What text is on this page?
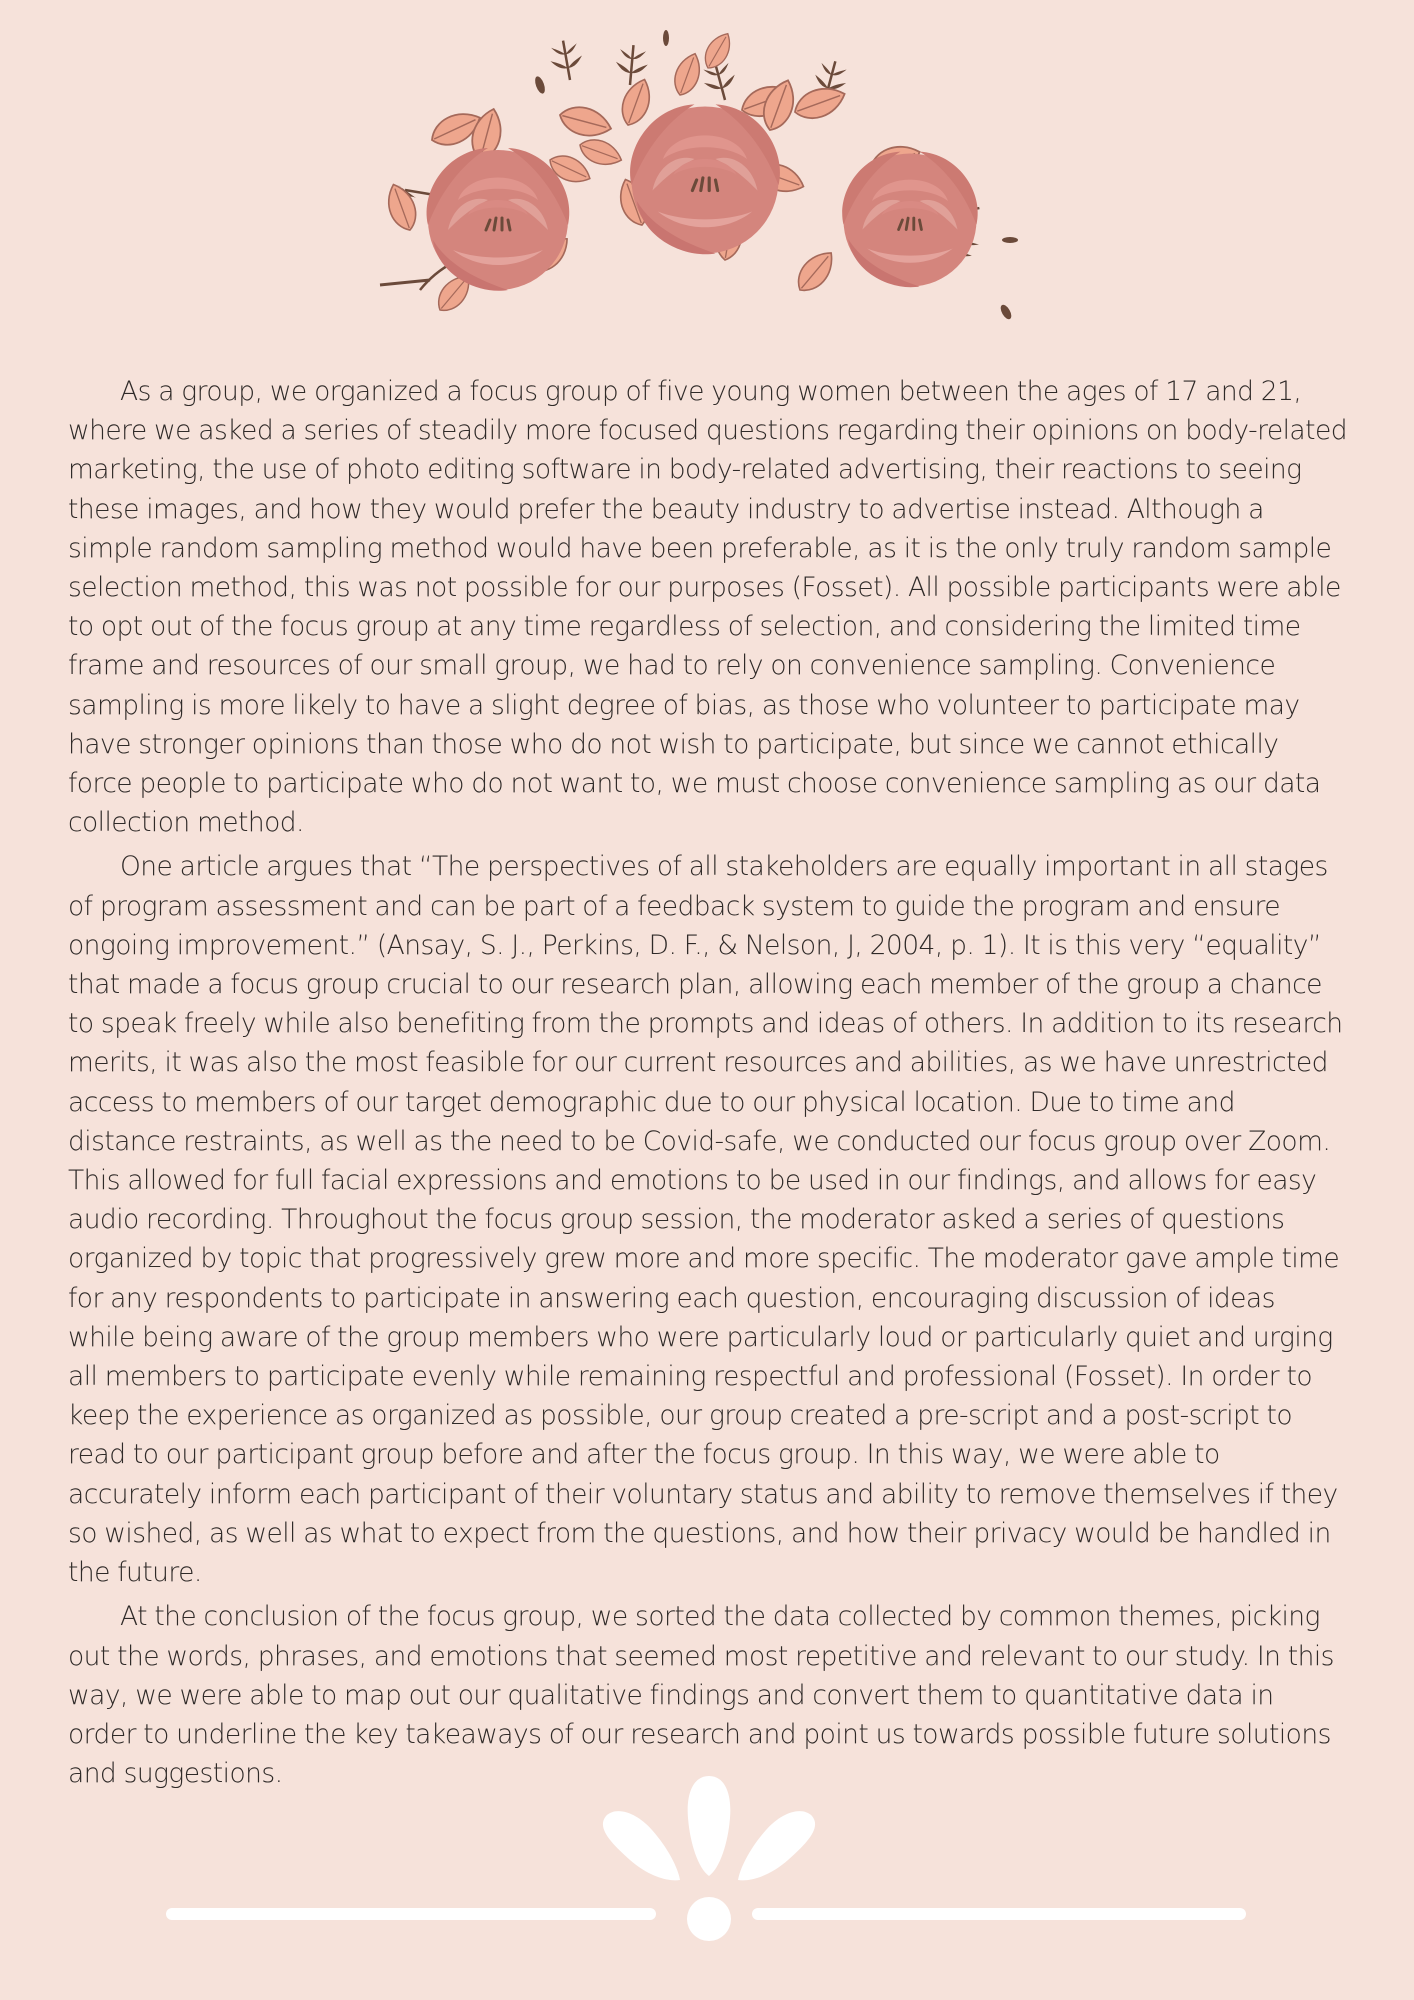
As a group, we organized a focus group of five young women between the ages of 17 and 21, where we asked a series of steadily more focused questions regarding their opinions on body-related marketing, the use of photo editing software in body-related advertising, their reactions to seeing these images, and how they would prefer the beauty industry to advertise instead. Although a simple random sampling method would have been preferable, as it is the only truly random sample selection method, this was not possible for our purposes (Fosset). All possible participants were able to opt out of the focus group at any time regardless of selection, and considering the limited time frame and resources of our small group, we had to rely on convenience sampling. Convenience sampling is more likely to have a slight degree of bias, as those who volunteer to participate may have stronger opinions than those who do not wish to participate, but since we cannot ethically force people to participate who do not want to, we must choose convenience sampling as our data collection method.

One article argues that “The perspectives of all stakeholders are equally important in all stages of program assessment and can be part of a feedback system to guide the program and ensure ongoing improvement.” (Ansay, S. J., Perkins, D. F., & Nelson, J, 2004, p. 1). It is this very “equality” that made a focus group crucial to our research plan, allowing each member of the group a chance to speak freely while also benefiting from the prompts and ideas of others. In addition to its research merits, it was also the most feasible for our current resources and abilities, as we have unrestricted access to members of our target demographic due to our physical location. Due to time and distance restraints, as well as the need to be Covid-safe, we conducted our focus group over Zoom. This allowed for full facial expressions and emotions to be used in our findings, and allows for easy audio recording. Throughout the focus group session, the moderator asked a series of questions organized by topic that progressively grew more and more specific. The moderator gave ample time for any respondents to participate in answering each question, encouraging discussion of ideas while being aware of the group members who were particularly loud or particularly quiet and urging all members to participate evenly while remaining respectful and professional (Fosset). In order to keep the experience as organized as possible, our group created a pre-script and a post-script to read to our participant group before and after the focus group. In this way, we were able to accurately inform each participant of their voluntary status and ability to remove themselves if they so wished, as well as what to expect from the questions, and how their privacy would be handled in the future.

At the conclusion of the focus group, we sorted the data collected by common themes, picking out the words, phrases, and emotions that seemed most repetitive and relevant to our study. In this way, we were able to map out our qualitative findings and convert them to quantitative data in order to underline the key takeaways of our research and point us towards possible future solutions and suggestions.
